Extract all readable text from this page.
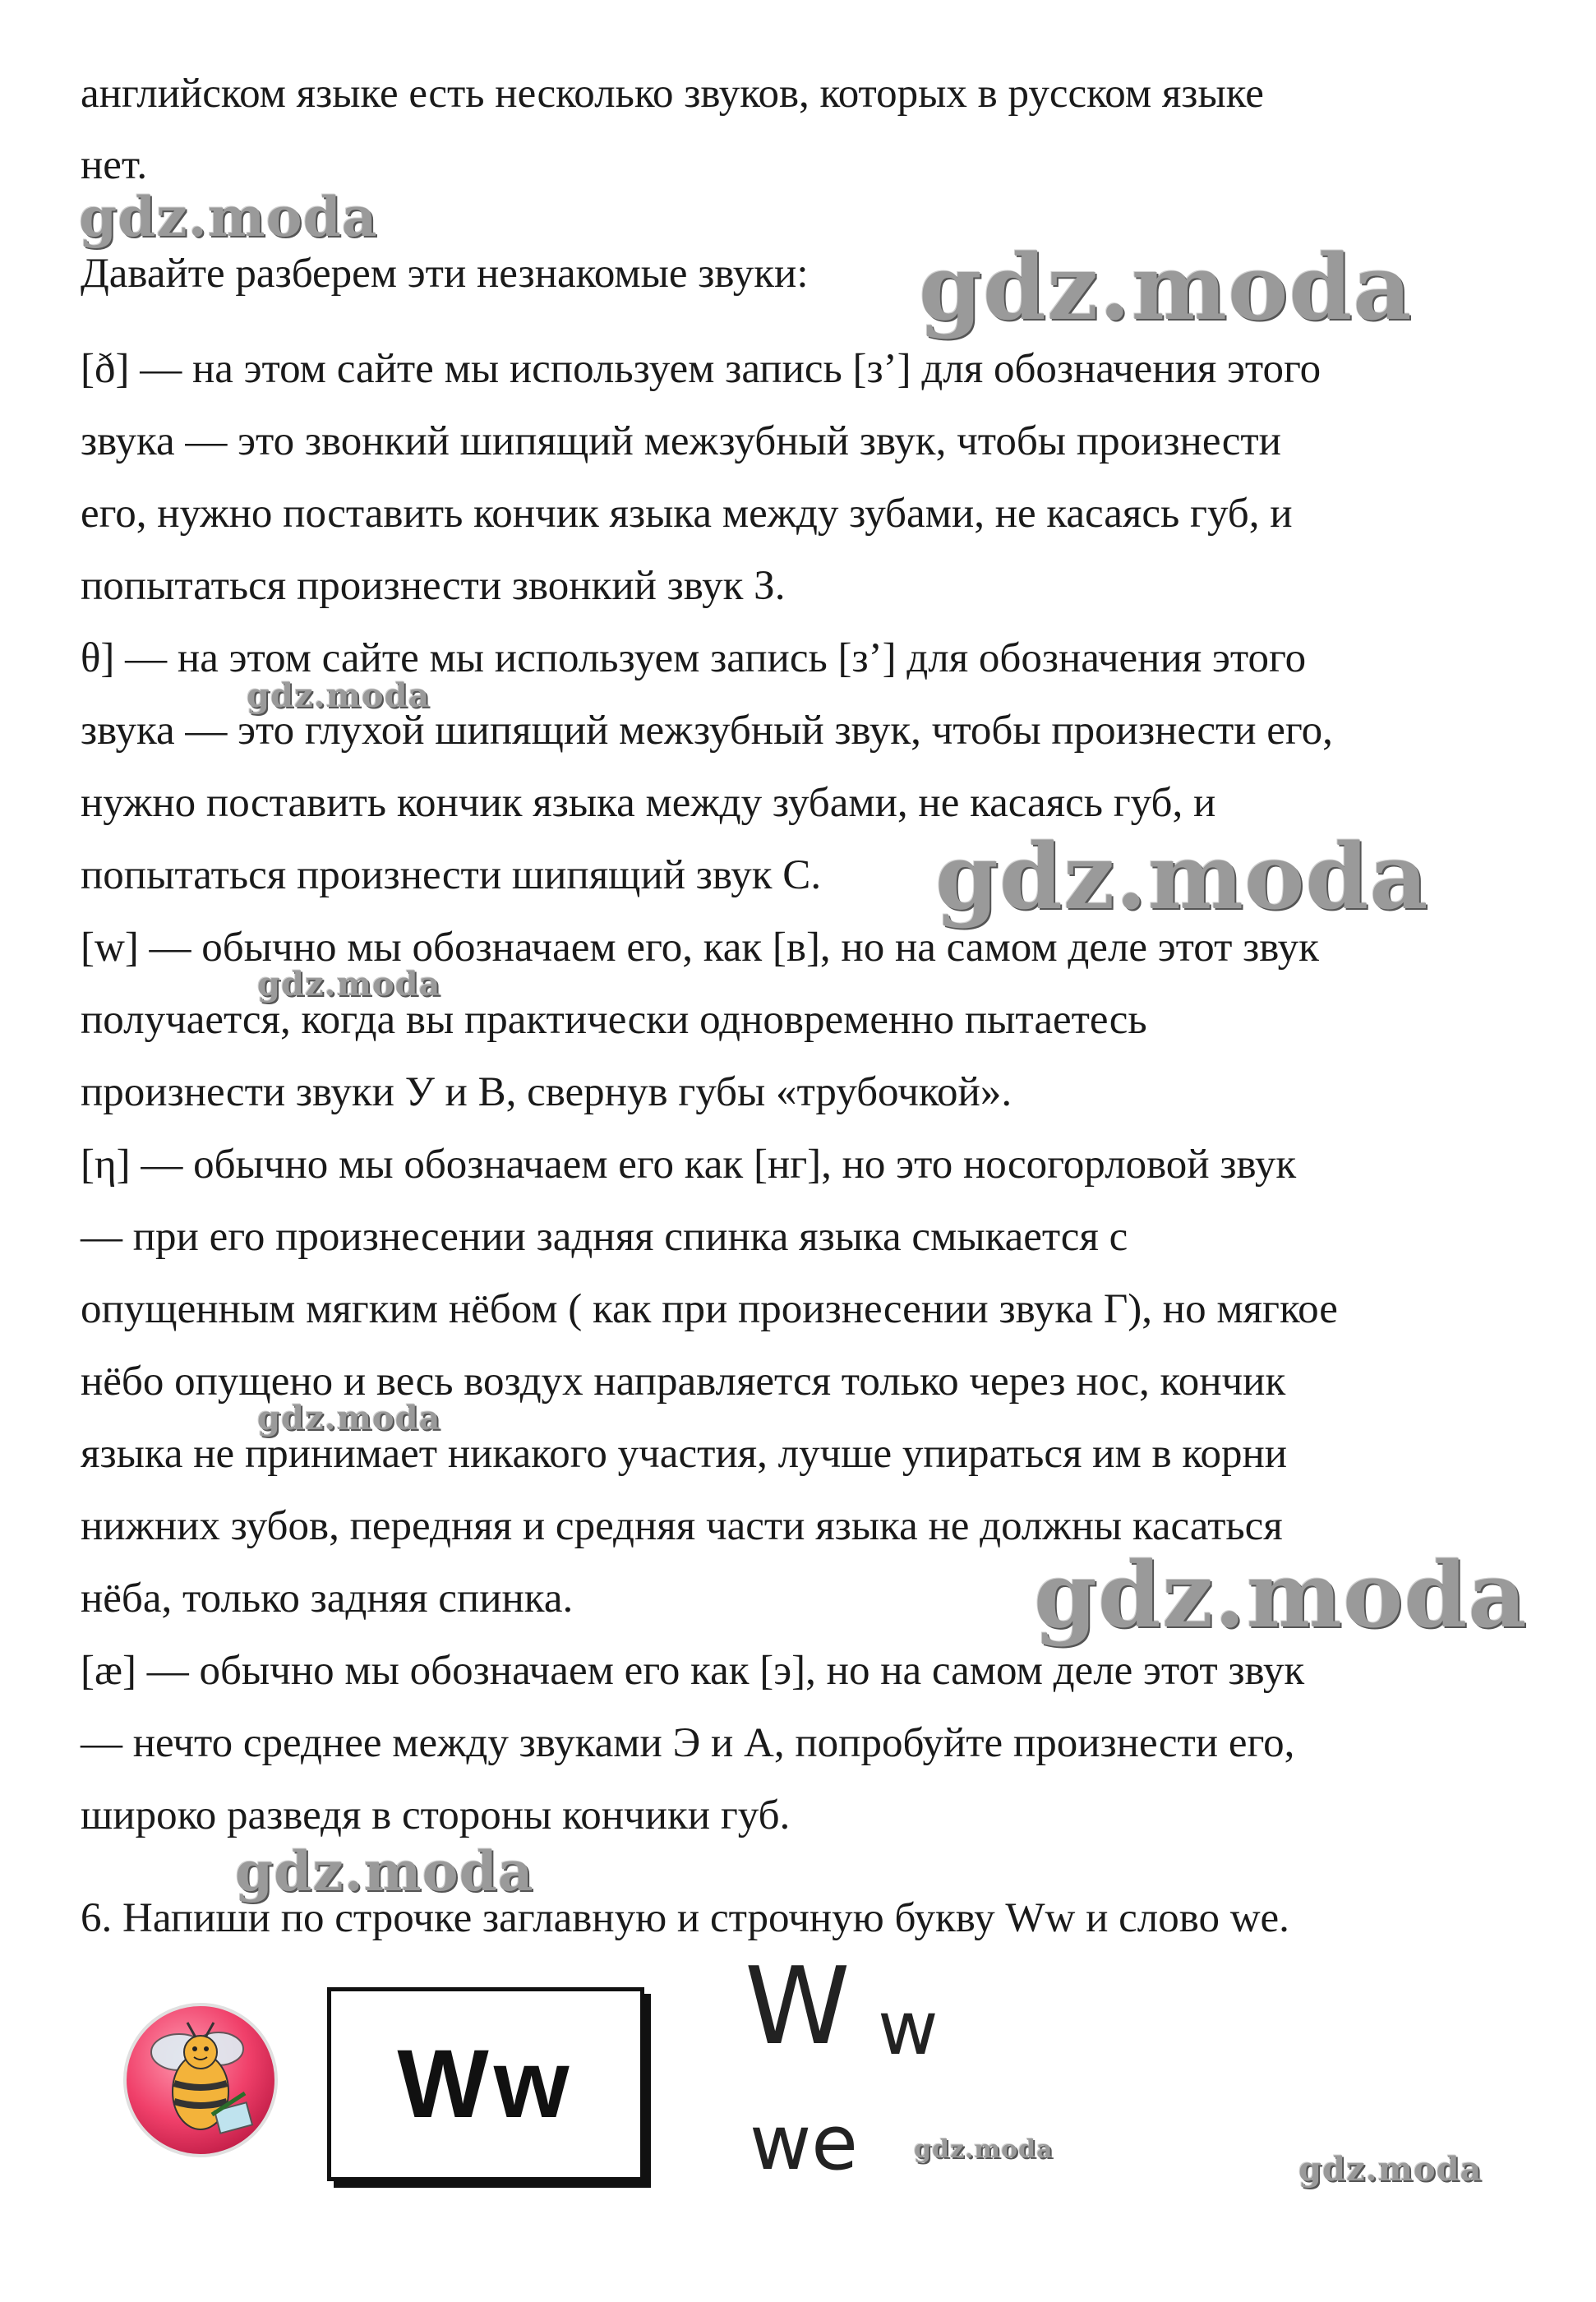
английском языке есть несколько звуков, которых в русском языке
нет.
Давайте разберем эти незнакомые звуки:
[ð] — на этом сайте мы используем запись [з’] для обозначения этого
звука — это звонкий шипящий межзубный звук, чтобы произнести
его, нужно поставить кончик языка между зубами, не касаясь губ, и
попытаться произнести звонкий звук З.
θ] — на этом сайте мы используем запись [з’] для обозначения этого
звука — это глухой шипящий межзубный звук, чтобы произнести его,
нужно поставить кончик языка между зубами, не касаясь губ, и
попытаться произнести шипящий звук С.
[w] — обычно мы обозначаем его, как [в], но на самом деле этот звук
получается, когда вы практически одновременно пытаетесь
произнести звуки У и В, свернув губы «трубочкой».
[η] — обычно мы обозначаем его как [нг], но это носогорловой звук
— при его произнесении задняя спинка языка смыкается с
опущенным мягким нёбом ( как при произнесении звука Г), но мягкое
нёбо опущено и весь воздух направляется только через нос, кончик
языка не принимает никакого участия, лучше упираться им в корни
нижних зубов, передняя и средняя части языка не должны касаться
нёба, только задняя спинка.
[æ] — обычно мы обозначаем его как [э], но на самом деле этот звук
— нечто среднее между звуками Э и А, попробуйте произнести его,
широко разведя в стороны кончики губ.
6. Напиши по строчке заглавную и строчную букву Ww и слово we.
gdz.moda
gdz.moda
gdz.moda
gdz.moda
gdz.moda
gdz.moda
gdz.moda
gdz.moda
gdz.moda
gdz.moda
Ww
W w
we
